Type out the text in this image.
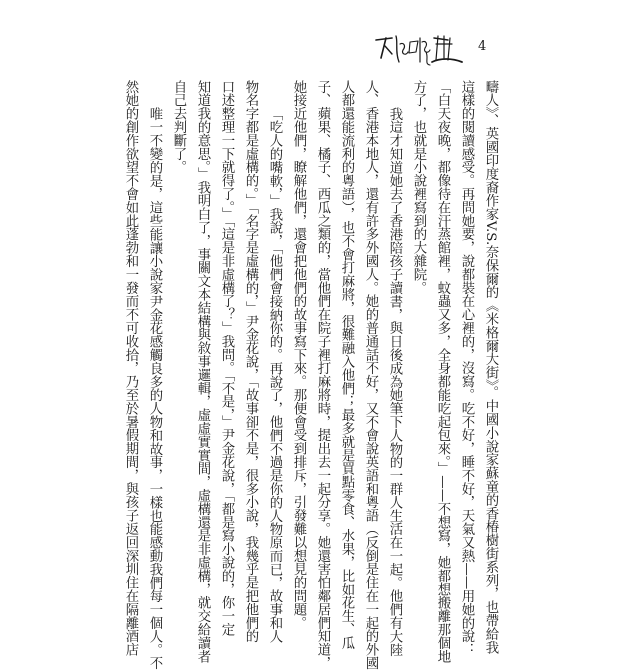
4
疇人》、英國印度裔作家V.S.奈保爾的《米格爾大街》。中國小說家蘇童的香椿樹街系列，也帶給我
這樣的閱讀感受。再問她要，說都裝在心裡的，沒寫。吃不好，睡不好，天氣又熱——用她的說：
「白天夜晚，都像待在汗蒸館裡，蚊蟲又多，全身都能吃起包來。」——不想寫，她都想搬離那個地
方了，也就是小說裡寫到的大雜院。
我這才知道她去了香港陪孩子讀書，與日後成為她筆下人物的一群人生活在一起。他們有大陸
人、香港本地人，還有許多外國人。她的普通話不好，又不會說英語和粵語（反倒是住在一起的外國
人都還能流利的粵語），也不會打麻將，很難融入他們；最多就是買點零食、水果，比如花生、瓜
子、蘋果、橘子、西瓜之類的，當他們在院子裡打麻將時，提出去一起分享。她還害怕鄰居們知道，
她接近他們，瞭解他們，還會把他們的故事寫下來。那便會受到排斥，引發難以想見的問題。
「吃人的嘴軟，」我說，「他們會接納你的。再說了，他們不過是你的人物原而已，故事和人
物名字都是虛構的。」「名字是虛構的，」尹金花說，「故事卻不是，很多小說，我幾乎是把他們的
口述整理一下就得了。」「這是非虛構了？」我問。「不是，」尹金花說，「都是寫小說的，你一定
知道我的意思。」我明白了，事關文本結構與敘事邏輯，虛虛實實間，虛構還是非虛構，就交給讀者
自己去判斷了。
唯一不變的是，這些能讓小說家尹金花感觸良多的人物和故事，一樣也能感動我們每一個人。不
然她的創作欲望不會如此蓬勃和一發而不可收拾，乃至於暑假期間，與孩子返回深圳住在隔離酒店
